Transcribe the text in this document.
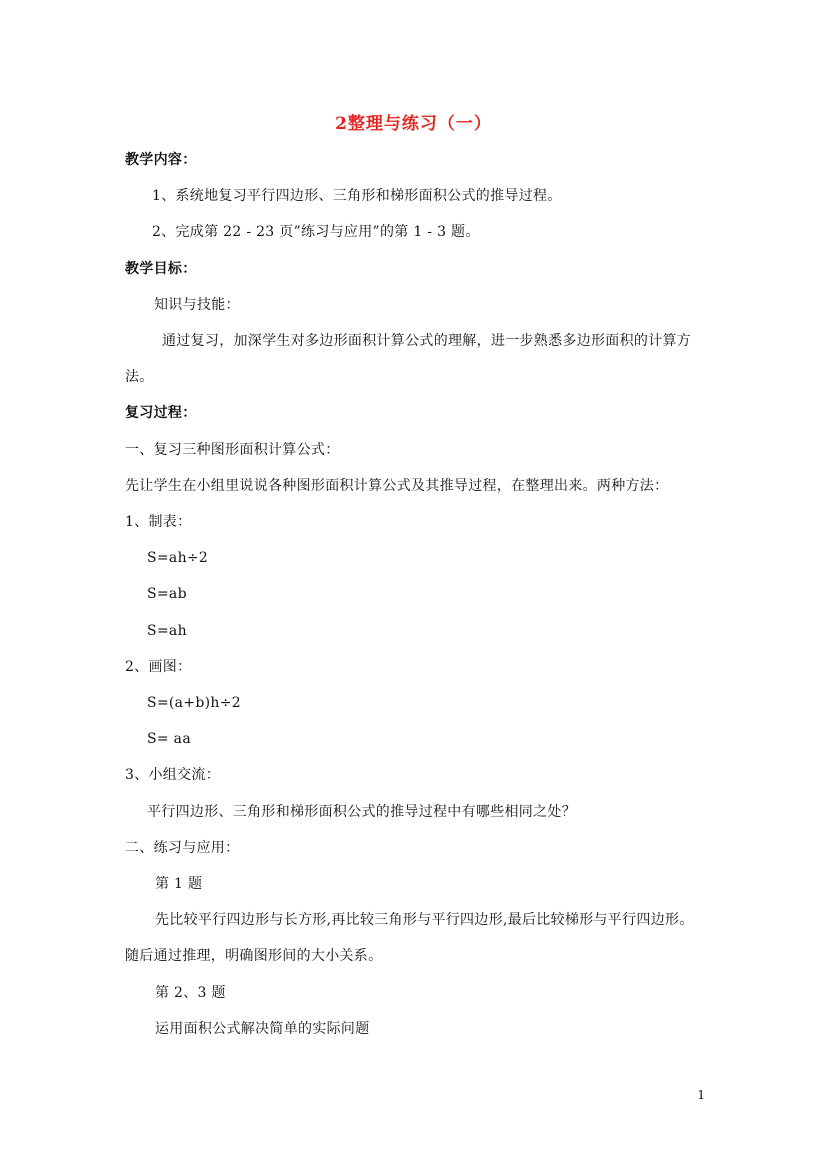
2整理与练习（一）
教学内容：
1、系统地复习平行四边形、三角形和梯形面积公式的推导过程。
2、完成第 22 - 23 页”练习与应用”的第 1 - 3 题。
教学目标：
知识与技能：
通过复习，加深学生对多边形面积计算公式的理解，进一步熟悉多边形面积的计算方
法。
复习过程：
一、复习三种图形面积计算公式：
先让学生在小组里说说各种图形面积计算公式及其推导过程，在整理出来。两种方法：
1、制表：
S=ah÷2
S=ab
S=ah
2、画图：
S=(a+b)h÷2
S= aa
3、小组交流：
平行四边形、三角形和梯形面积公式的推导过程中有哪些相同之处？
二、练习与应用：
第 1 题
先比较平行四边形与长方形,再比较三角形与平行四边形,最后比较梯形与平行四边形。
随后通过推理，明确图形间的大小关系。
第 2、3 题
运用面积公式解决简单的实际问题
1
